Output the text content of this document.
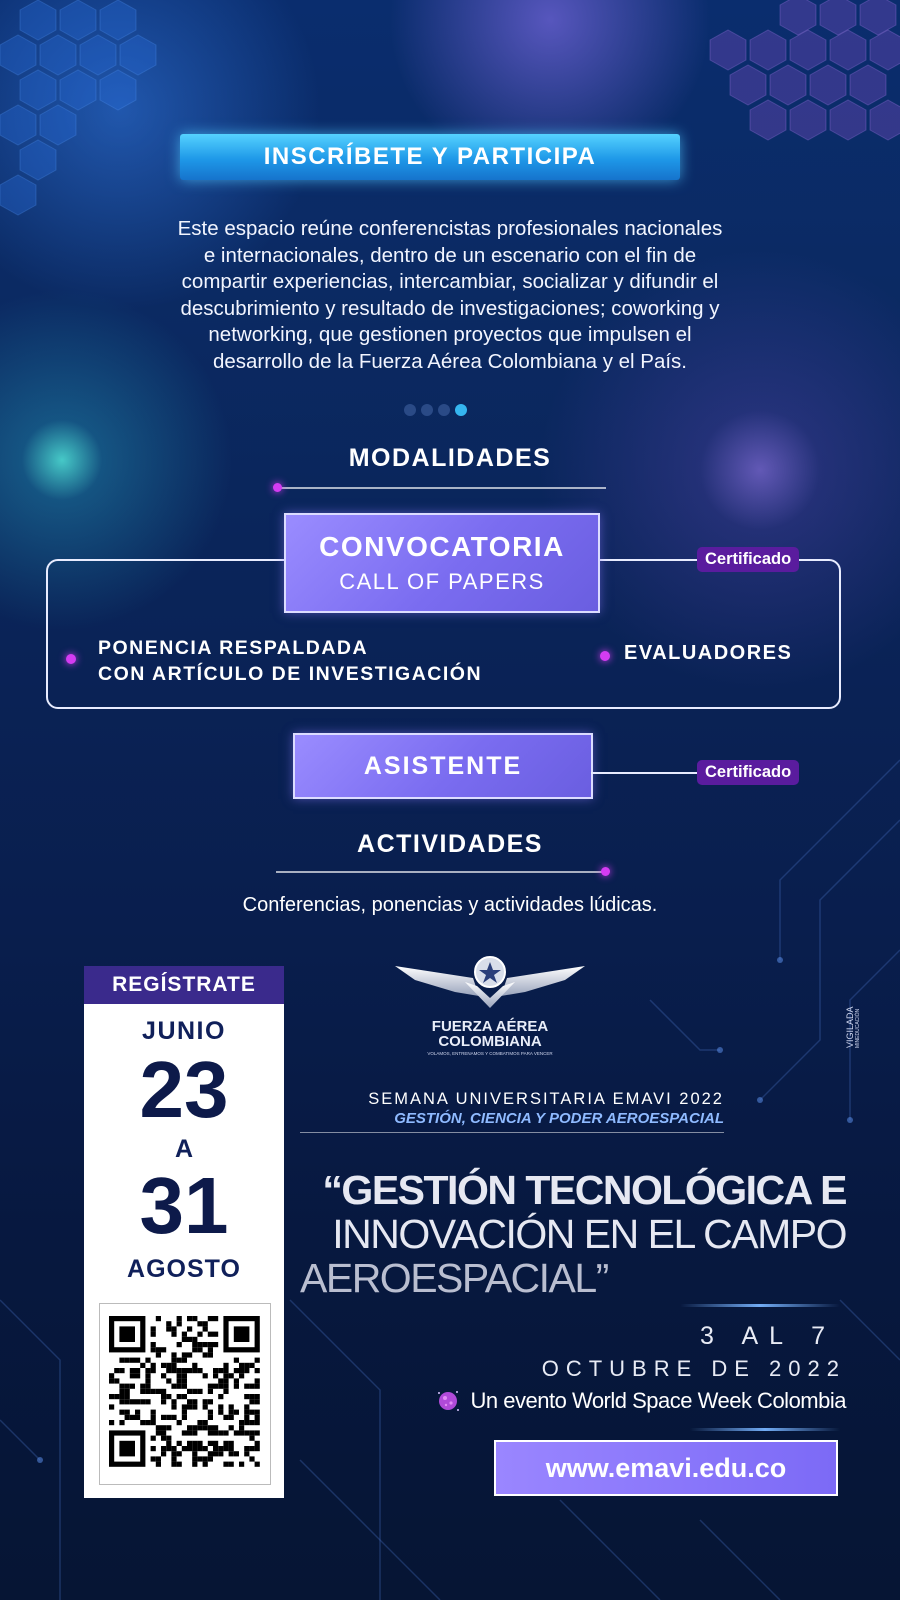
INSCRÍBETE Y PARTICIPA
Este espacio reúne conferencistas profesionales nacionales
e internacionales, dentro de un escenario con el fin de
compartir experiencias, intercambiar, socializar y difundir el
descubrimiento y resultado de investigaciones; coworking y
networking, que gestionen proyectos que impulsen el
desarrollo de la Fuerza Aérea Colombiana y el País.
MODALIDADES
CONVOCATORIA
CALL OF PAPERS
Certificado
PONENCIA RESPALDADA
CON ARTÍCULO DE INVESTIGACIÓN
EVALUADORES
ASISTENTE	Certificado
ACTIVIDADES
Conferencias, ponencias y actividades lúdicas.
VIGILADA MINEDUCACIÓN
REGÍSTRATE
JUNIO
23
A
31
AGOSTO
FUERZA AÉREA
COLOMBIANA
VOLAMOS, ENTRENAMOS Y COMBATIMOS PARA VENCER
SEMANA UNIVERSITARIA EMAVI 2022
GESTIÓN, CIENCIA Y PODER AEROESPACIAL
“GESTIÓN TECNOLÓGICA E
INNOVACIÓN EN EL CAMPO
AEROESPACIAL”
3 AL 7
OCTUBRE DE 2022
Un evento World Space Week Colombia
www.emavi.edu.co
